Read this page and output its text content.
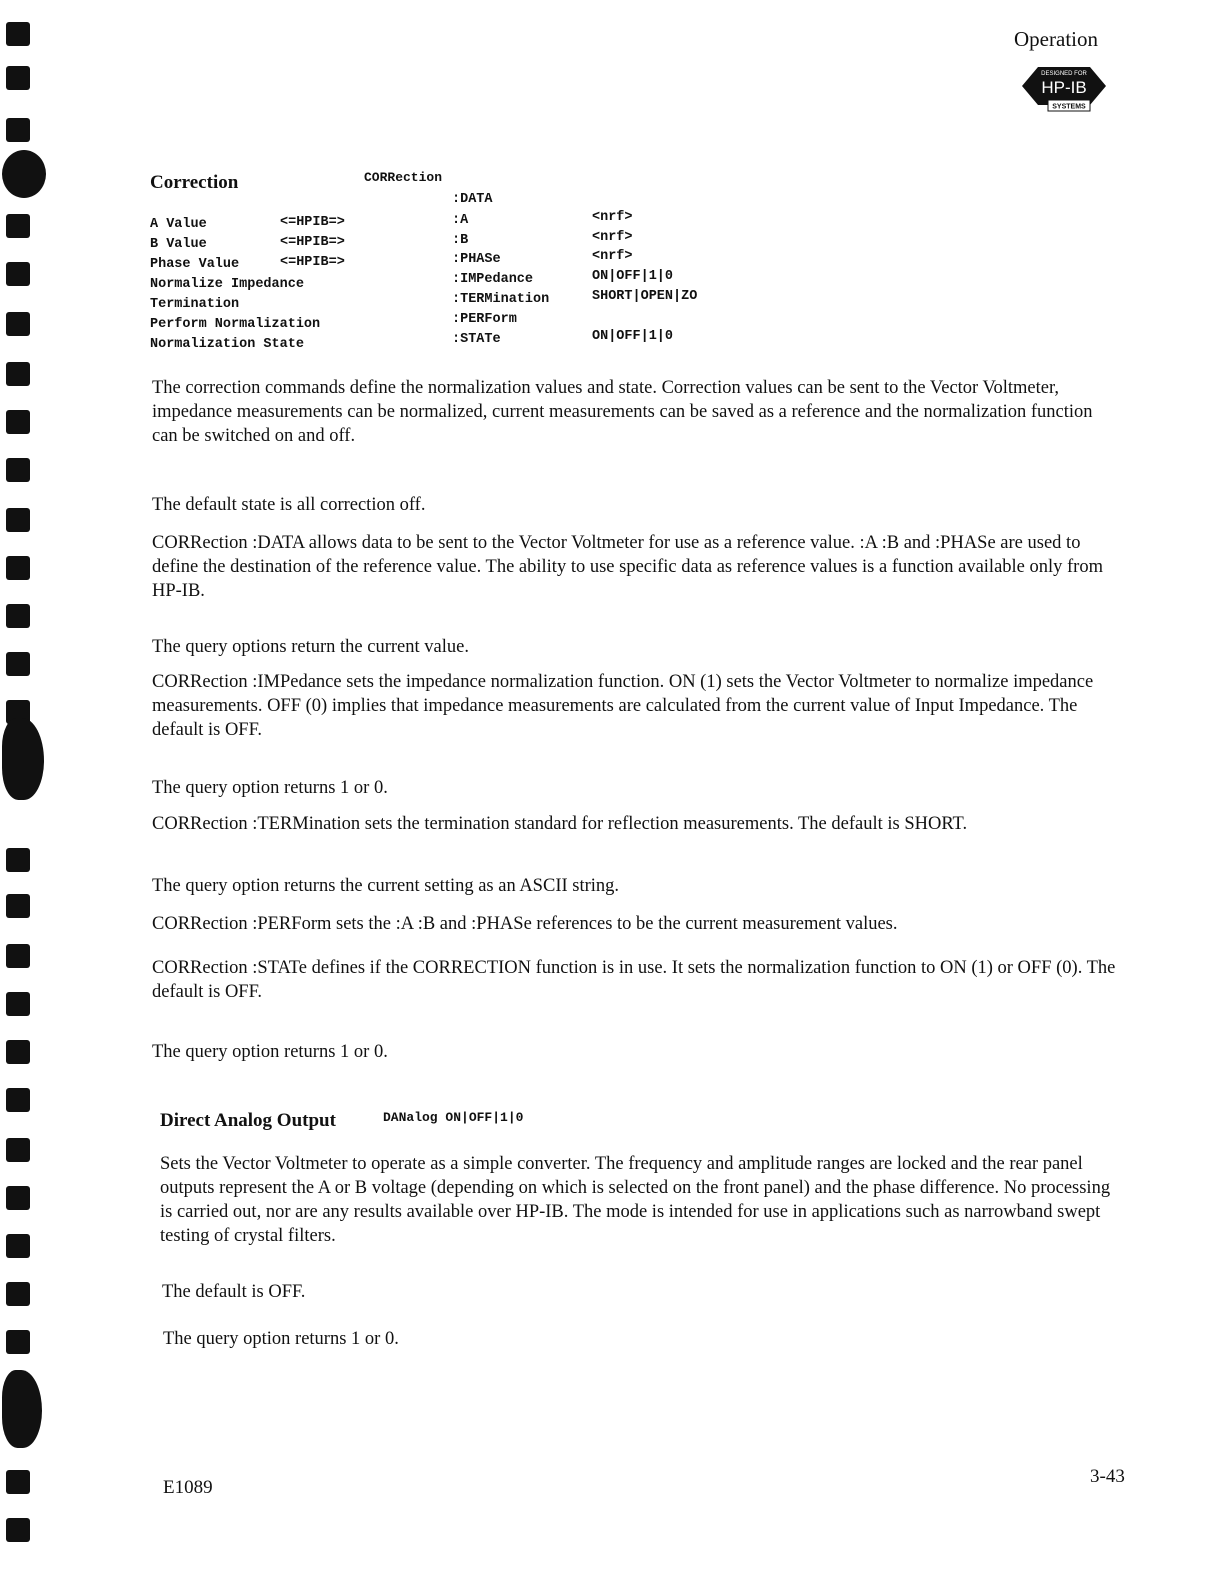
Operation
DESIGNED FOR
HP-IB
SYSTEMS
Correction	CORRection
:DATA
A Value	<=HPIB=>	:A	<nrf>
B Value	<=HPIB=>	:B	<nrf>
Phase Value	<=HPIB=>	:PHASe	<nrf>
Normalize Impedance	:IMPedance	ON|OFF|1|0
Termination	:TERMination	SHORT|OPEN|ZO
Perform Normalization	:PERForm
Normalization State	:STATe	ON|OFF|1|0

The correction commands define the normalization values and state. Correction values can be sent to the Vector Voltmeter, impedance measurements can be normalized, current measurements can be saved as a reference and the normalization function can be switched on and off.

The default state is all correction off.

CORRection :DATA allows data to be sent to the Vector Voltmeter for use as a reference value. :A :B and :PHASe are used to define the destination of the reference value. The ability to use specific data as reference values is a function available only from HP-IB.

The query options return the current value.

CORRection :IMPedance sets the impedance normalization function. ON (1) sets the Vector Voltmeter to normalize impedance measurements. OFF (0) implies that impedance measurements are calculated from the current value of Input Impedance. The default is OFF.

The query option returns 1 or 0.

CORRection :TERMination sets the termination standard for reflection measurements. The default is SHORT.

The query option returns the current setting as an ASCII string.

CORRection :PERForm sets the :A :B and :PHASe references to be the current measurement values.

CORRection :STATe defines if the CORRECTION function is in use. It sets the normalization function to ON (1) or OFF (0). The default is OFF.

The query option returns 1 or 0.

Direct Analog Output	DANalog ON|OFF|1|0

Sets the Vector Voltmeter to operate as a simple converter. The frequency and amplitude ranges are locked and the rear panel outputs represent the A or B voltage (depending on which is selected on the front panel) and the phase difference. No processing is carried out, nor are any results available over HP-IB. The mode is intended for use in applications such as narrowband swept testing of crystal filters.

The default is OFF.

The query option returns 1 or 0.

E1089
3-43
